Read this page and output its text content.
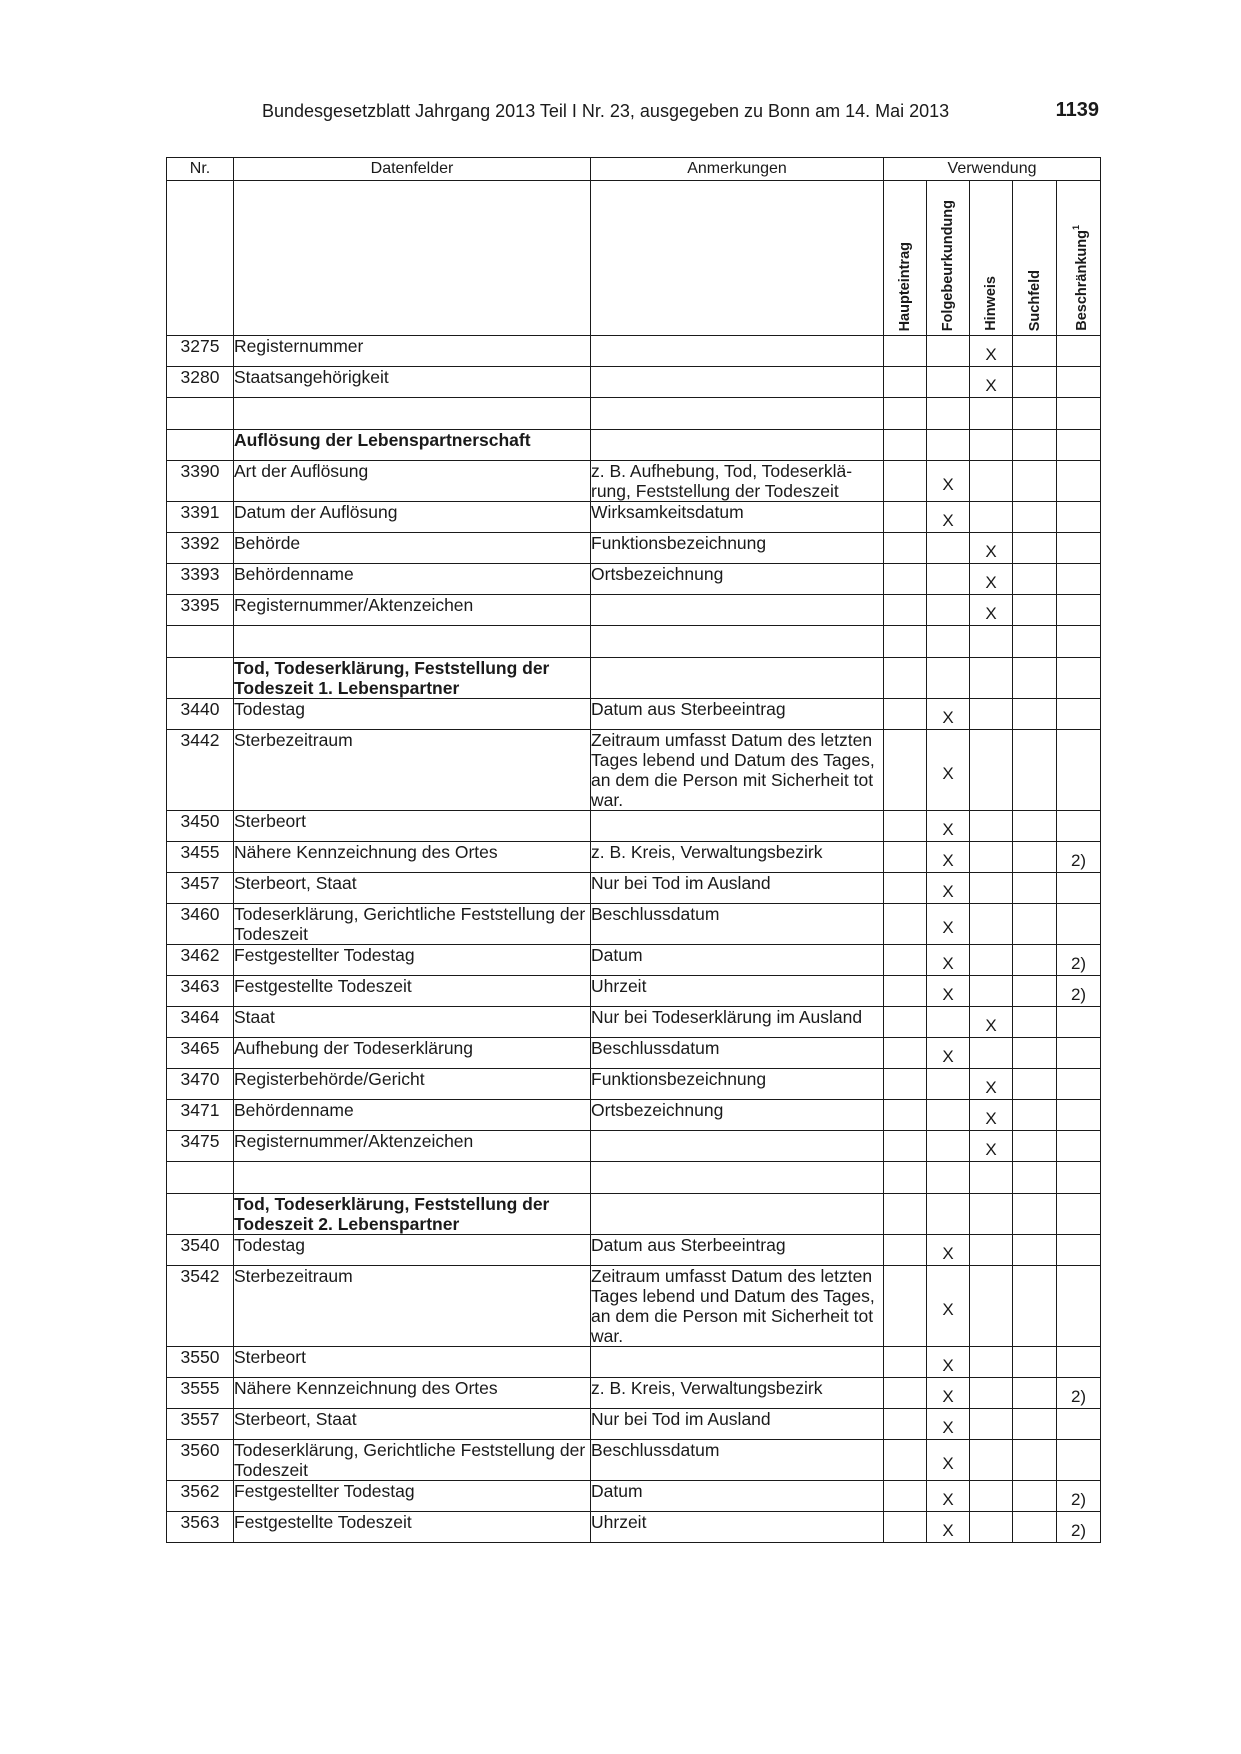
Bundesgesetzblatt Jahrgang 2013 Teil I Nr. 23, ausgegeben zu Bonn am 14. Mai 2013	1139
Nr.	Datenfelder	Anmerkungen	Verwendung				

			Haupteintrag	Folgebeurkundung	Hinweis	Suchfeld	Beschränkung$^1$

3275	Registernummer				X		
3280	Staatsangehörigkeit				X		

	Auflösung der Lebenspartnerschaft						
3390	Art der Auflösung	z. B. Aufhebung, Tod, Todeserklä-rung, Feststellung der Todeszeit		X			
3391	Datum der Auflösung	Wirksamkeitsdatum		X			
3392	Behörde	Funktionsbezeichnung			X		
3393	Behördenname	Ortsbezeichnung			X		
3395	Registernummer/Aktenzeichen				X		

	Tod, Todeserklärung, Feststellung der Todeszeit 1. Lebenspartner						
3440	Todestag	Datum aus Sterbeeintrag		X			
3442	Sterbezeitraum	Zeitraum umfasst Datum des letzten Tages lebend und Datum des Tages, an dem die Person mit Sicherheit tot war.		X			
3450	Sterbeort			X			
3455	Nähere Kennzeichnung des Ortes	z. B. Kreis, Verwaltungsbezirk		X			2)
3457	Sterbeort, Staat	Nur bei Tod im Ausland		X			
3460	Todeserklärung, Gerichtliche Feststellung der Todeszeit	Beschlussdatum		X			
3462	Festgestellter Todestag	Datum		X			2)
3463	Festgestellte Todeszeit	Uhrzeit		X			2)
3464	Staat	Nur bei Todeserklärung im Ausland			X		
3465	Aufhebung der Todeserklärung	Beschlussdatum		X			
3470	Registerbehörde/Gericht	Funktionsbezeichnung			X		
3471	Behördenname	Ortsbezeichnung			X		
3475	Registernummer/Aktenzeichen				X		

	Tod, Todeserklärung, Feststellung der Todeszeit 2. Lebenspartner						
3540	Todestag	Datum aus Sterbeeintrag		X			
3542	Sterbezeitraum	Zeitraum umfasst Datum des letzten Tages lebend und Datum des Tages, an dem die Person mit Sicherheit tot war.		X			
3550	Sterbeort			X			
3555	Nähere Kennzeichnung des Ortes	z. B. Kreis, Verwaltungsbezirk		X			2)
3557	Sterbeort, Staat	Nur bei Tod im Ausland		X			
3560	Todeserklärung, Gerichtliche Feststellung der Todeszeit	Beschlussdatum		X			
3562	Festgestellter Todestag	Datum		X			2)
3563	Festgestellte Todeszeit	Uhrzeit		X			2)
